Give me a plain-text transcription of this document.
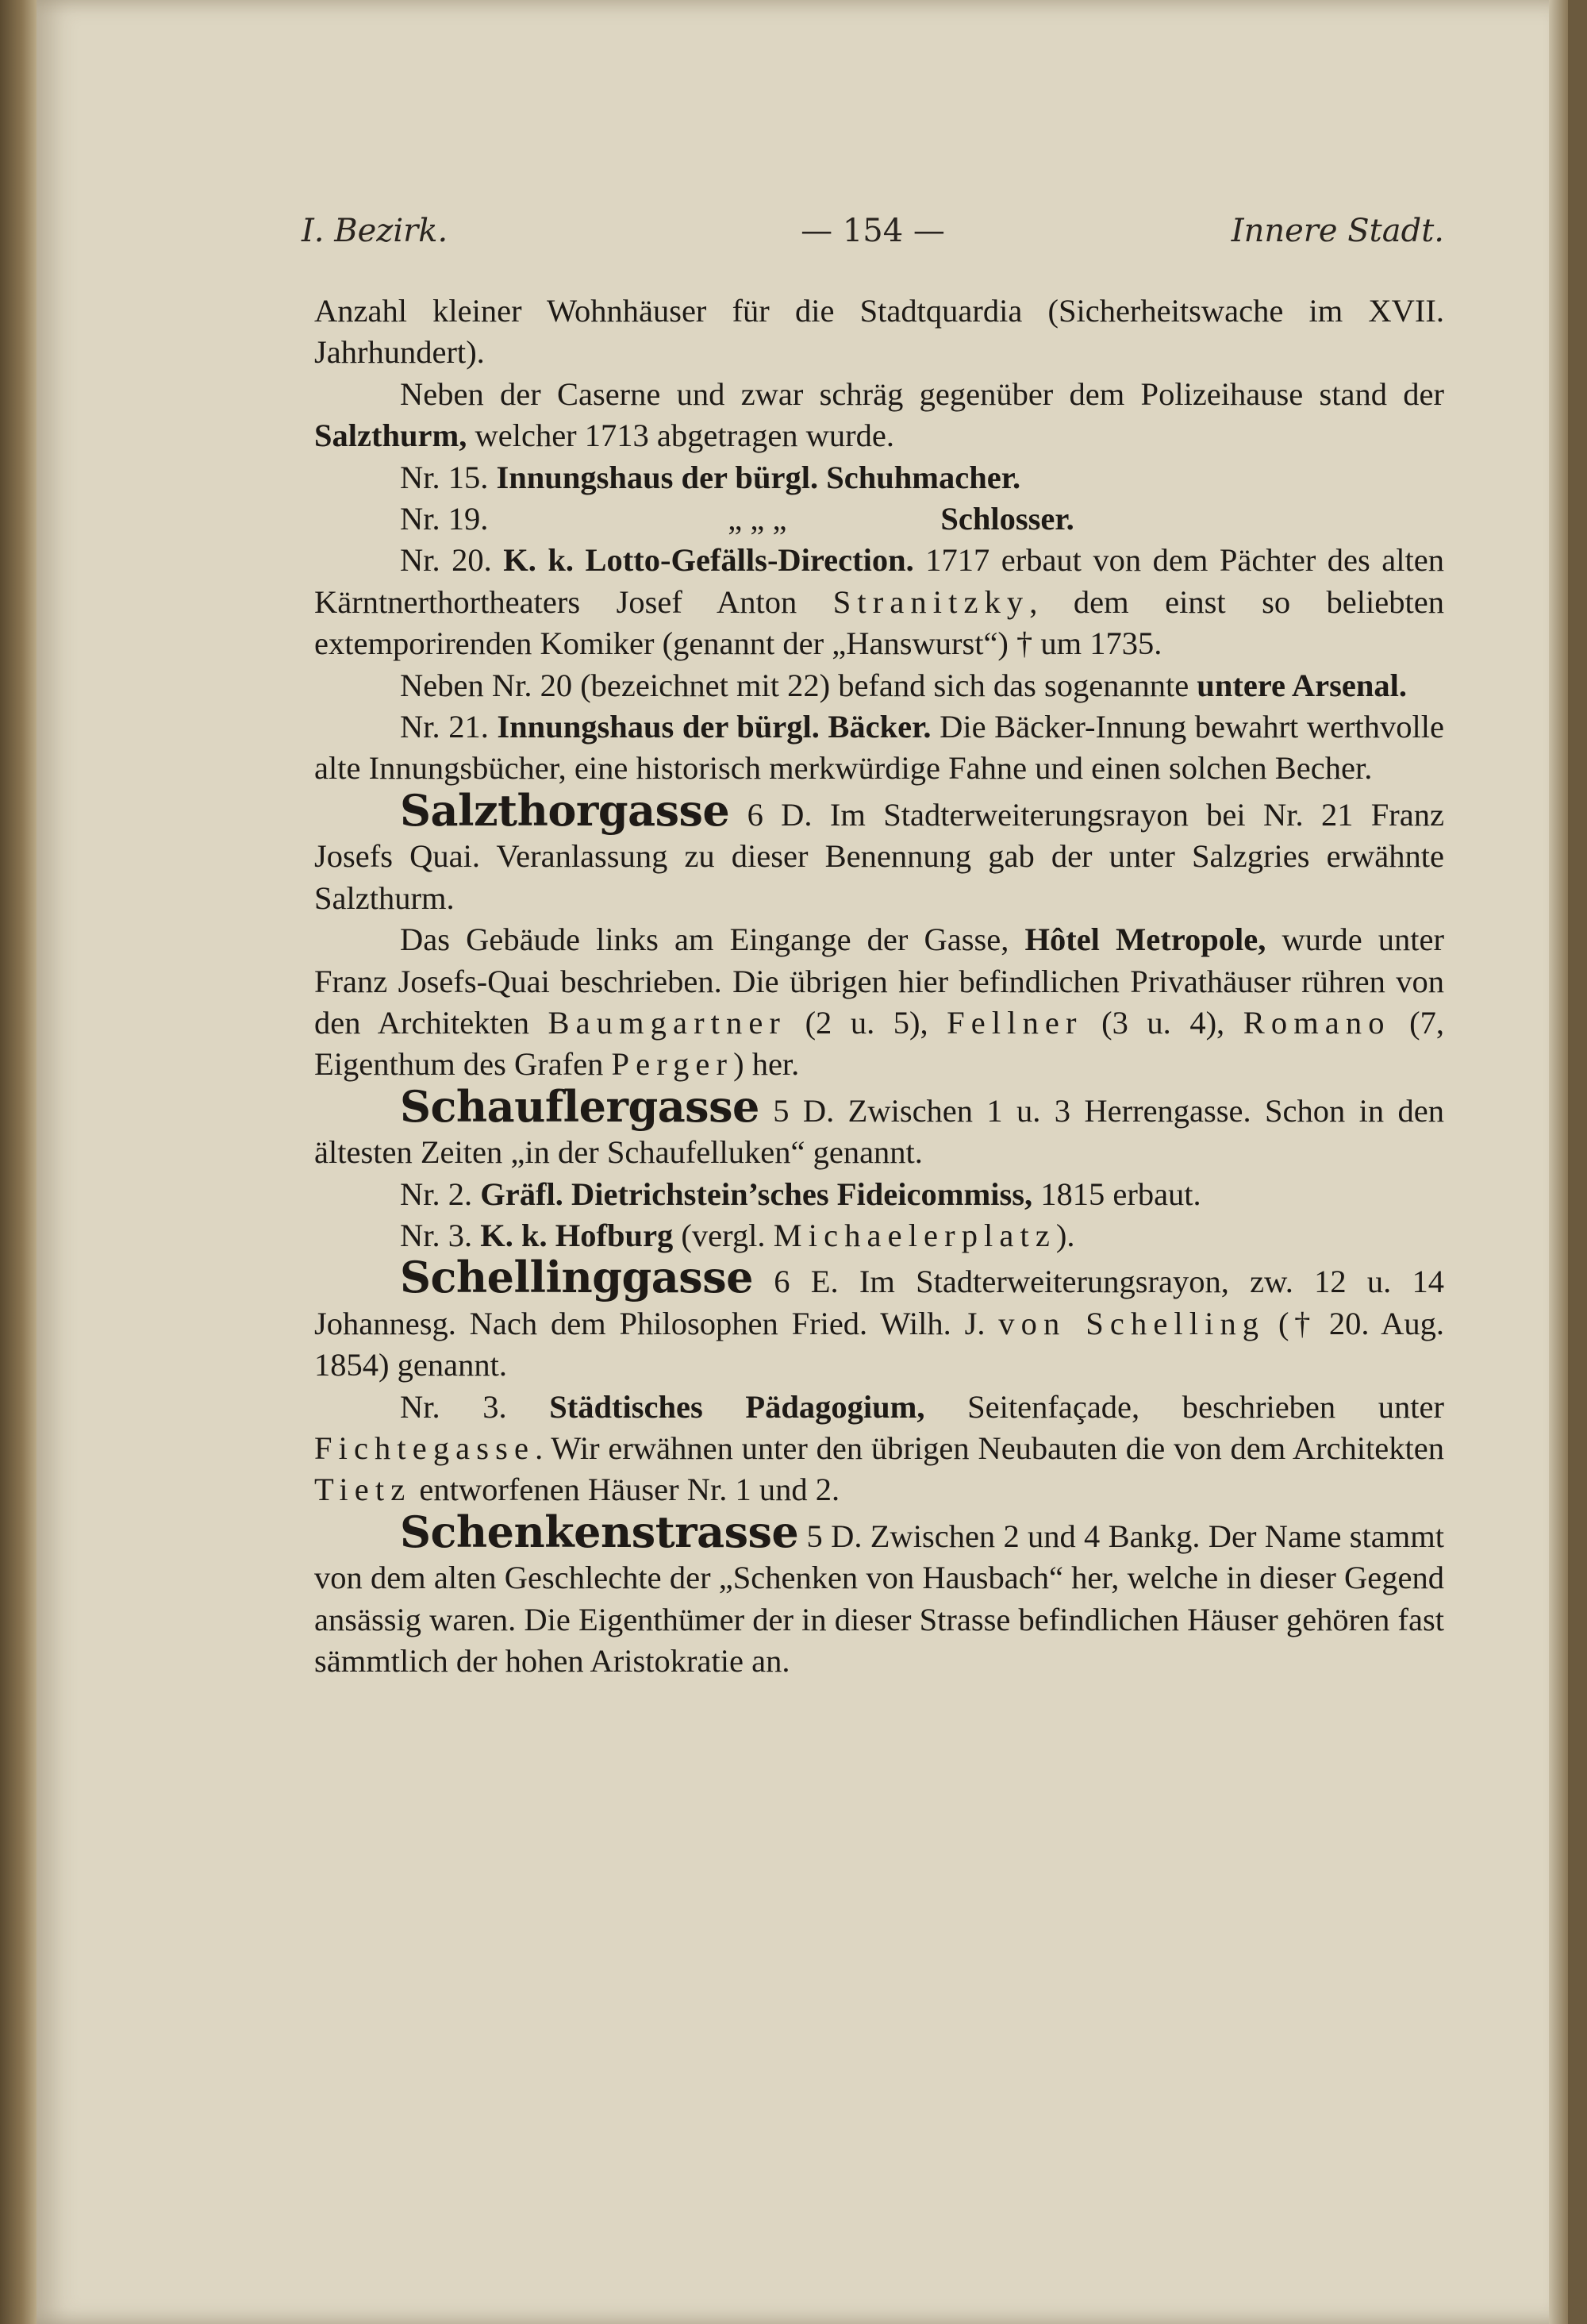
I. Bezirk.	— 154 —	Innere Stadt.

Anzahl kleiner Wohnhäuser für die Stadtquardia (Sicherheitswache im XVII. Jahrhundert).

Neben der Caserne und zwar schräg gegenüber dem Polizeihause stand der Salzthurm, welcher 1713 abgetragen wurde.

Nr. 15. Innungshaus der bürgl. Schuhmacher.

Nr. 19.	„ „ „	Schlosser.

Nr. 20. K. k. Lotto-Gefälls-Direction. 1717 erbaut von dem Pächter des alten Kärntnerthortheaters Josef Anton Stranitzky, dem einst so beliebten extemporirenden Komiker (genannt der „Hanswurst“) † um 1735.

Neben Nr. 20 (bezeichnet mit 22) befand sich das sogenannte untere Arsenal.

Nr. 21. Innungshaus der bürgl. Bäcker. Die Bäcker-Innung bewahrt werthvolle alte Innungsbücher, eine historisch merkwürdige Fahne und einen solchen Becher.

Salzthorgasse 6 D. Im Stadterweiterungsrayon bei Nr. 21 Franz Josefs Quai. Veranlassung zu dieser Benennung gab der unter Salzgries erwähnte Salzthurm.

Das Gebäude links am Eingange der Gasse, Hôtel Metropole, wurde unter Franz Josefs-Quai beschrieben. Die übrigen hier befindlichen Privathäuser rühren von den Architekten Baumgartner (2 u. 5), Fellner (3 u. 4), Romano (7, Eigenthum des Grafen Perger) her.

Schauflergasse 5 D. Zwischen 1 u. 3 Herrengasse. Schon in den ältesten Zeiten „in der Schaufelluken“ genannt.

Nr. 2. Gräfl. Dietrichstein’sches Fideicommiss, 1815 erbaut.

Nr. 3. K. k. Hofburg (vergl. Michaelerplatz).

Schellinggasse 6 E. Im Stadterweiterungsrayon, zw. 12 u. 14 Johannesg. Nach dem Philosophen Fried. Wilh. J. von Schelling († 20. Aug. 1854) genannt.

Nr. 3. Städtisches Pädagogium, Seitenfaçade, beschrieben unter Fichtegasse. Wir erwähnen unter den übrigen Neubauten die von dem Architekten Tietz entworfenen Häuser Nr. 1 und 2.

Schenkenstrasse 5 D. Zwischen 2 und 4 Bankg. Der Name stammt von dem alten Geschlechte der „Schenken von Hausbach“ her, welche in dieser Gegend ansässig waren. Die Eigenthümer der in dieser Strasse befindlichen Häuser gehören fast sämmtlich der hohen Aristokratie an.
